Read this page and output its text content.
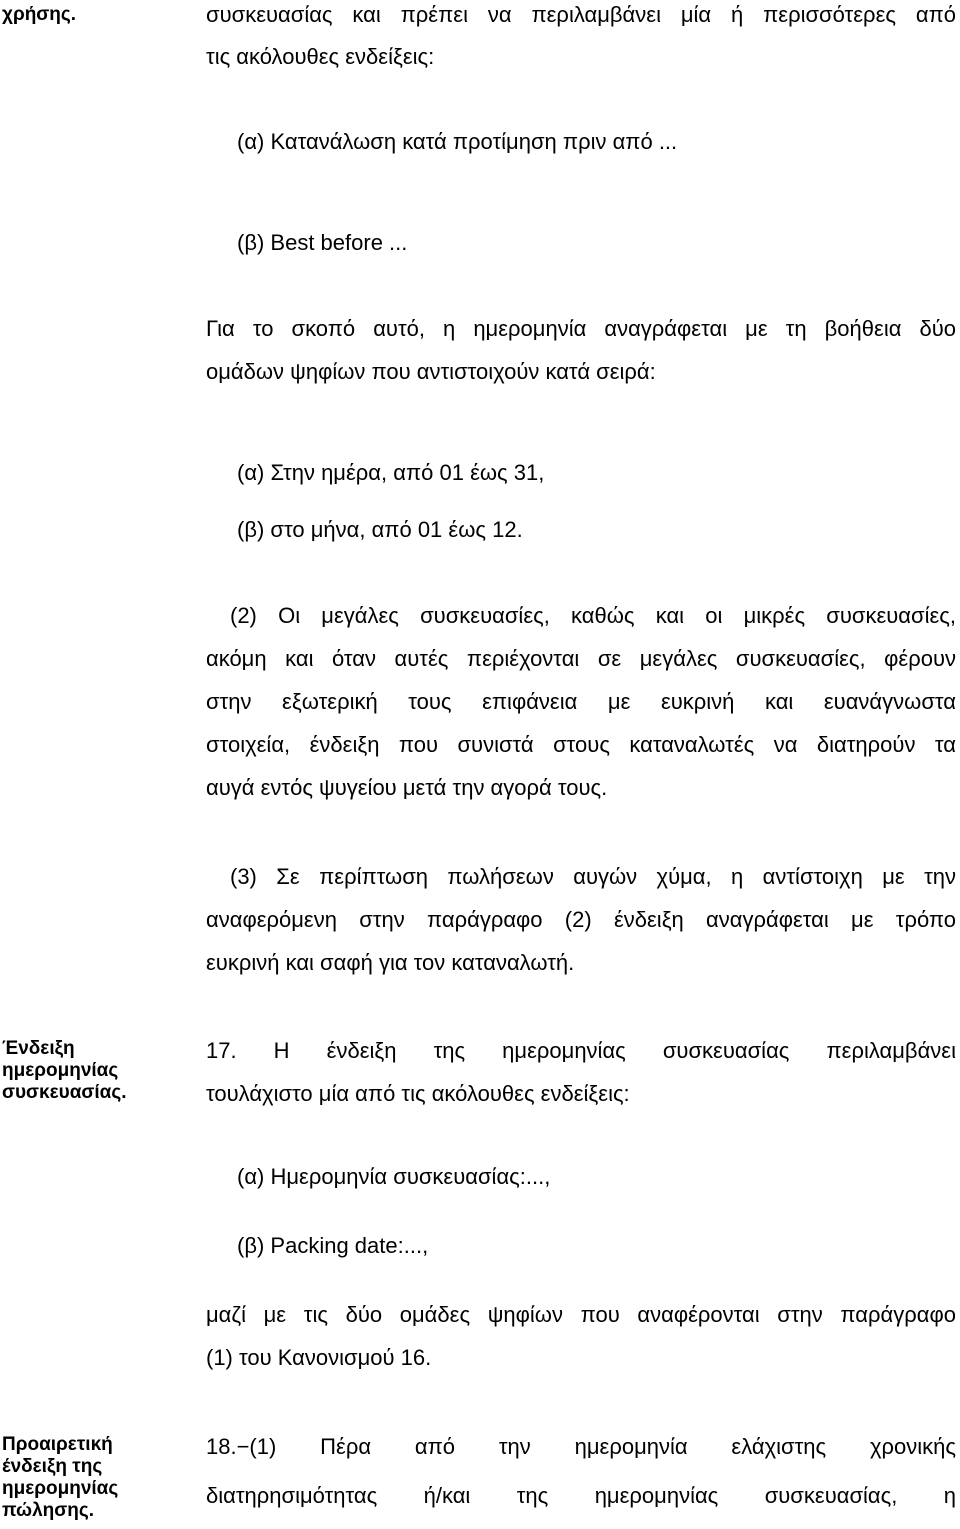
χρήσης.
Ένδειξη
ημερομηνίας
συσκευασίας.
Προαιρετική
ένδειξη της
ημερομηνίας
πώλησης.
συσκευασίας και πρέπει να περιλαμβάνει μία ή περισσότερες από
τις ακόλουθες ενδείξεις:
(α) Κατανάλωση κατά προτίμηση πριν από ...
(β) Best before ...
Για το σκοπό αυτό, η ημερομηνία αναγράφεται με τη βοήθεια δύο
ομάδων ψηφίων που αντιστοιχούν κατά σειρά:
(α) Στην ημέρα, από 01 έως 31,
(β) στο μήνα, από 01 έως 12.
(2) Οι μεγάλες συσκευασίες, καθώς και οι μικρές συσκευασίες,
ακόμη και όταν αυτές περιέχονται σε μεγάλες συσκευασίες, φέρουν
στην εξωτερική τους επιφάνεια με ευκρινή και ευανάγνωστα
στοιχεία, ένδειξη που συνιστά στους καταναλωτές να διατηρούν τα
αυγά εντός ψυγείου μετά την αγορά τους.
(3) Σε περίπτωση πωλήσεων αυγών χύμα, η αντίστοιχη με την
αναφερόμενη στην παράγραφο (2) ένδειξη αναγράφεται με τρόπο
ευκρινή και σαφή για τον καταναλωτή.
17. Η ένδειξη της ημερομηνίας συσκευασίας περιλαμβάνει
τουλάχιστο μία από τις ακόλουθες ενδείξεις:
(α) Ημερομηνία συσκευασίας:...,
(β) Packing date:...,
μαζί με τις δύο ομάδες ψηφίων που αναφέρονται στην παράγραφο
(1) του Κανονισμού 16.
18.−(1) Πέρα από την ημερομηνία ελάχιστης χρονικής
διατηρησιμότητας ή/και της ημερομηνίας συσκευασίας, η
